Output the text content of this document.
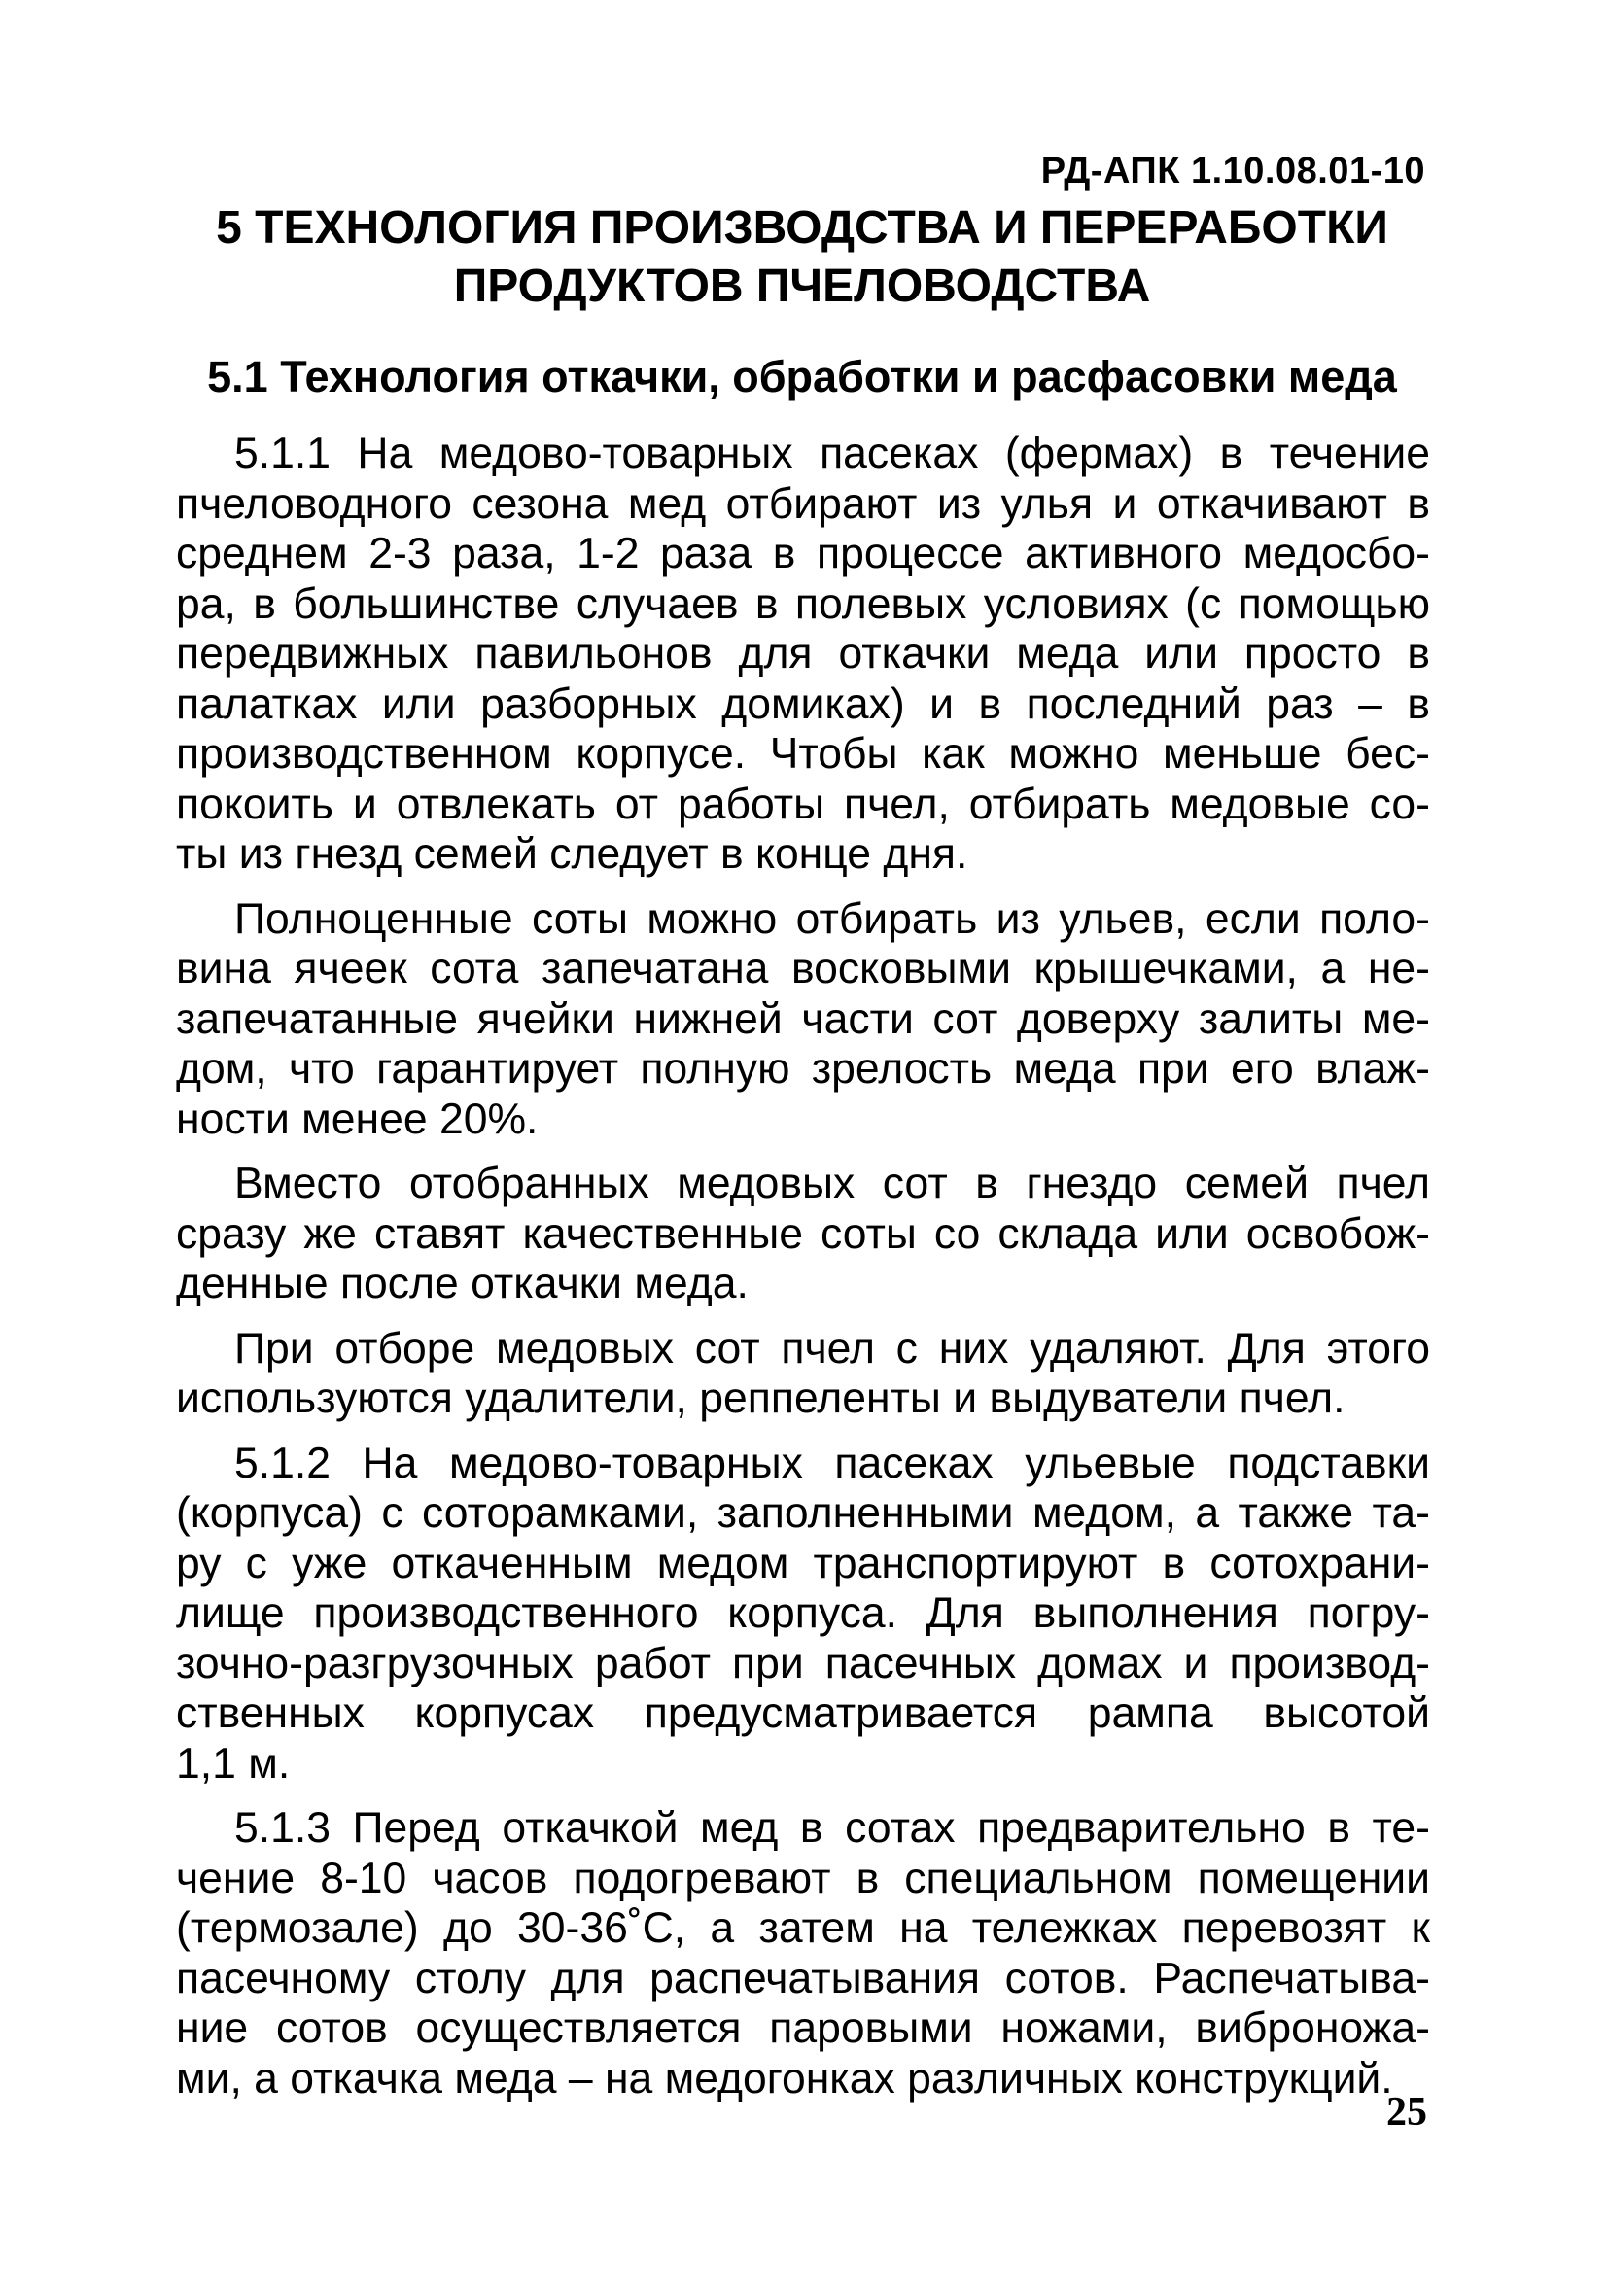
РД-АПК 1.10.08.01-10
5 ТЕХНОЛОГИЯ ПРОИЗВОДСТВА И ПЕРЕРАБОТКИ
ПРОДУКТОВ ПЧЕЛОВОДСТВА
5.1 Технология откачки, обработки и расфасовки меда

5.1.1 На медово-товарных пасеках (фермах) в течение
пчеловодного сезона мед отбирают из улья и откачивают в
среднем 2-3 раза, 1-2 раза в процессе активного медосбо-
ра, в большинстве случаев в полевых условиях (с помощью
передвижных павильонов для откачки меда или просто в
палатках или разборных домиках) и в последний раз – в
производственном корпусе. Чтобы как можно меньше бес-
покоить и отвлекать от работы пчел, отбирать медовые со-
ты из гнезд семей следует в конце дня.

Полноценные соты можно отбирать из ульев, если поло-
вина ячеек сота запечатана восковыми крышечками, а не-
запечатанные ячейки нижней части сот доверху залиты ме-
дом, что гарантирует полную зрелость меда при его влаж-
ности менее 20%.

Вместо отобранных медовых сот в гнездо семей пчел
сразу же ставят качественные соты со склада или освобож-
денные после откачки меда.

При отборе медовых сот пчел с них удаляют. Для этого
используются удалители, реппеленты и выдуватели пчел.

5.1.2 На медово-товарных пасеках ульевые подставки
(корпуса) с соторамками, заполненными медом, а также та-
ру с уже откаченным медом транспортируют в сотохрани-
лище производственного корпуса. Для выполнения погру-
зочно-разгрузочных работ при пасечных домах и производ-
ственных корпусах предусматривается рампа высотой
1,1 м.

5.1.3 Перед откачкой мед в сотах предварительно в те-
чение 8-10 часов подогревают в специальном помещении
(термозале) до 30-36˚С, а затем на тележках перевозят к
пасечному столу для распечатывания сотов. Распечатыва-
ние сотов осуществляется паровыми ножами, виброножа-
ми, а откачка меда – на медогонках различных конструкций.

25
